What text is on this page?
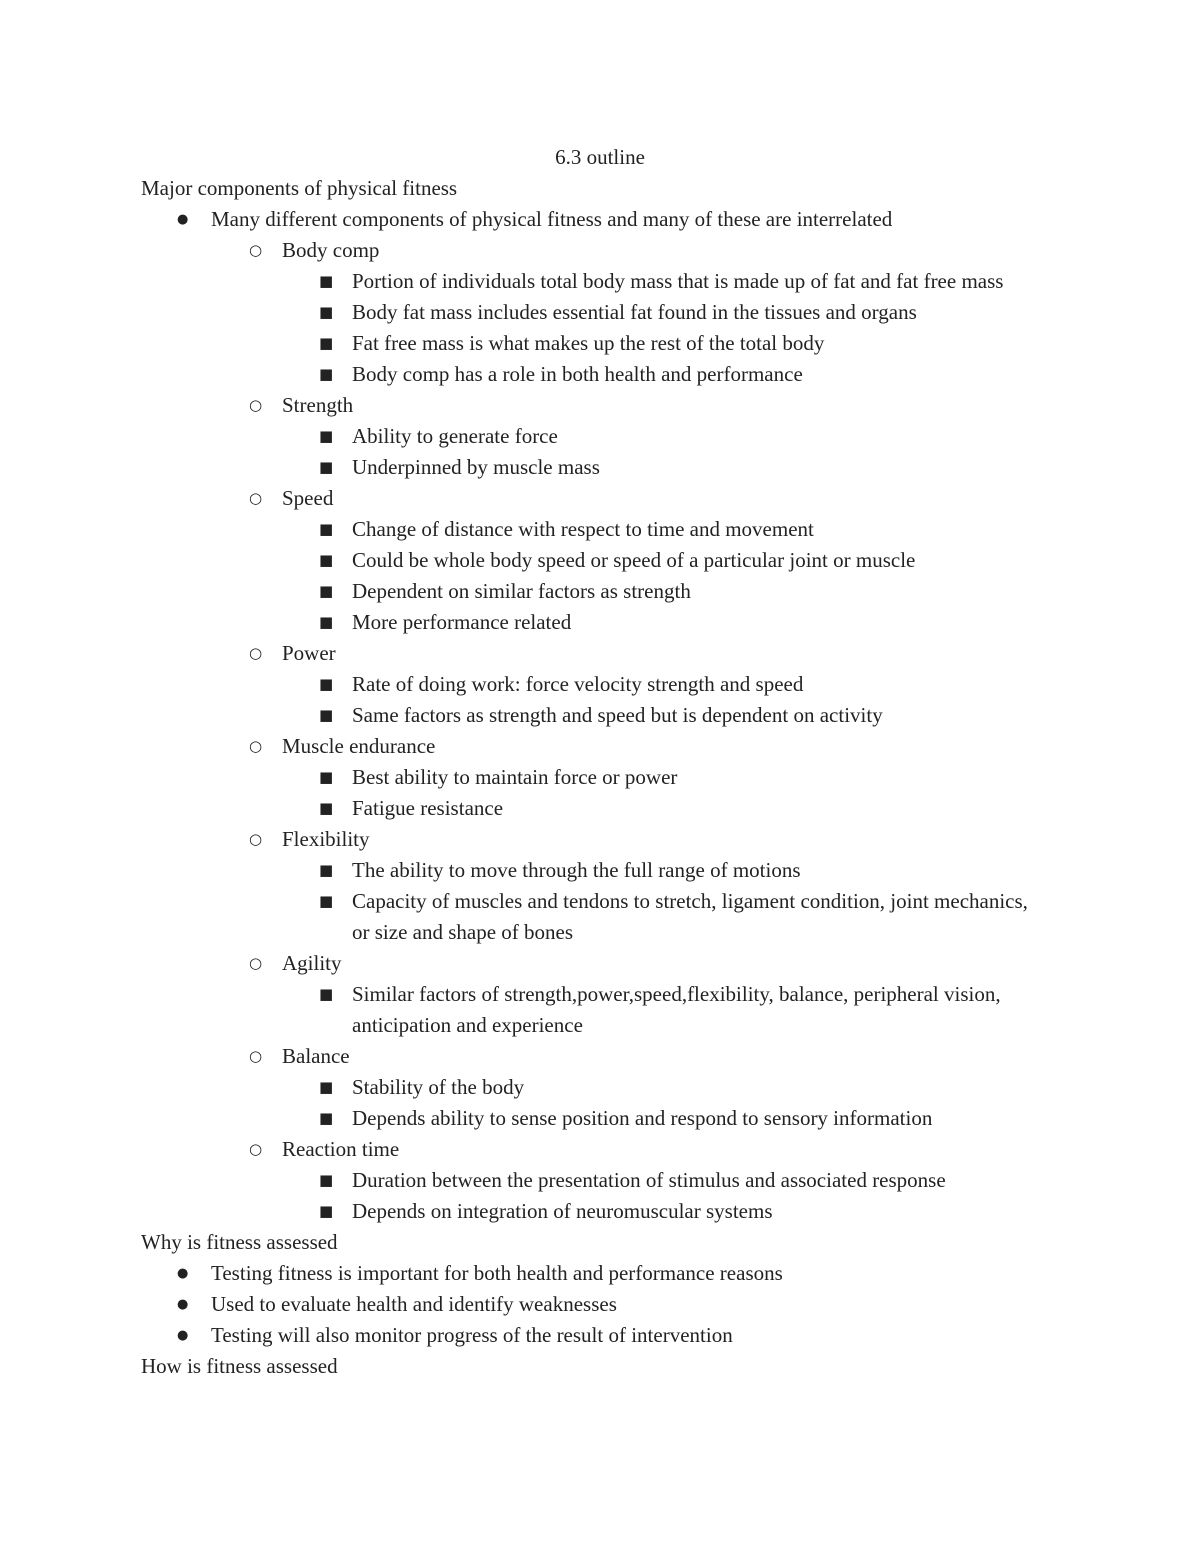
6.3 outline
Major components of physical fitness
● Many different components of physical fitness and many of these are interrelated
○ Body comp
■ Portion of individuals total body mass that is made up of fat and fat free mass
■ Body fat mass includes essential fat found in the tissues and organs
■ Fat free mass is what makes up the rest of the total body
■ Body comp has a role in both health and performance
○ Strength
■ Ability to generate force
■ Underpinned by muscle mass
○ Speed
■ Change of distance with respect to time and movement
■ Could be whole body speed or speed of a particular joint or muscle
■ Dependent on similar factors as strength
■ More performance related
○ Power
■ Rate of doing work: force velocity strength and speed
■ Same factors as strength and speed but is dependent on activity
○ Muscle endurance
■ Best ability to maintain force or power
■ Fatigue resistance
○ Flexibility
■ The ability to move through the full range of motions
■ Capacity of muscles and tendons to stretch, ligament condition, joint mechanics, or size and shape of bones
○ Agility
■ Similar factors of strength,power,speed,flexibility, balance, peripheral vision, anticipation and experience
○ Balance
■ Stability of the body
■ Depends ability to sense position and respond to sensory information
○ Reaction time
■ Duration between the presentation of stimulus and associated response
■ Depends on integration of neuromuscular systems
Why is fitness assessed
● Testing fitness is important for both health and performance reasons
● Used to evaluate health and identify weaknesses
● Testing will also monitor progress of the result of intervention
How is fitness assessed
